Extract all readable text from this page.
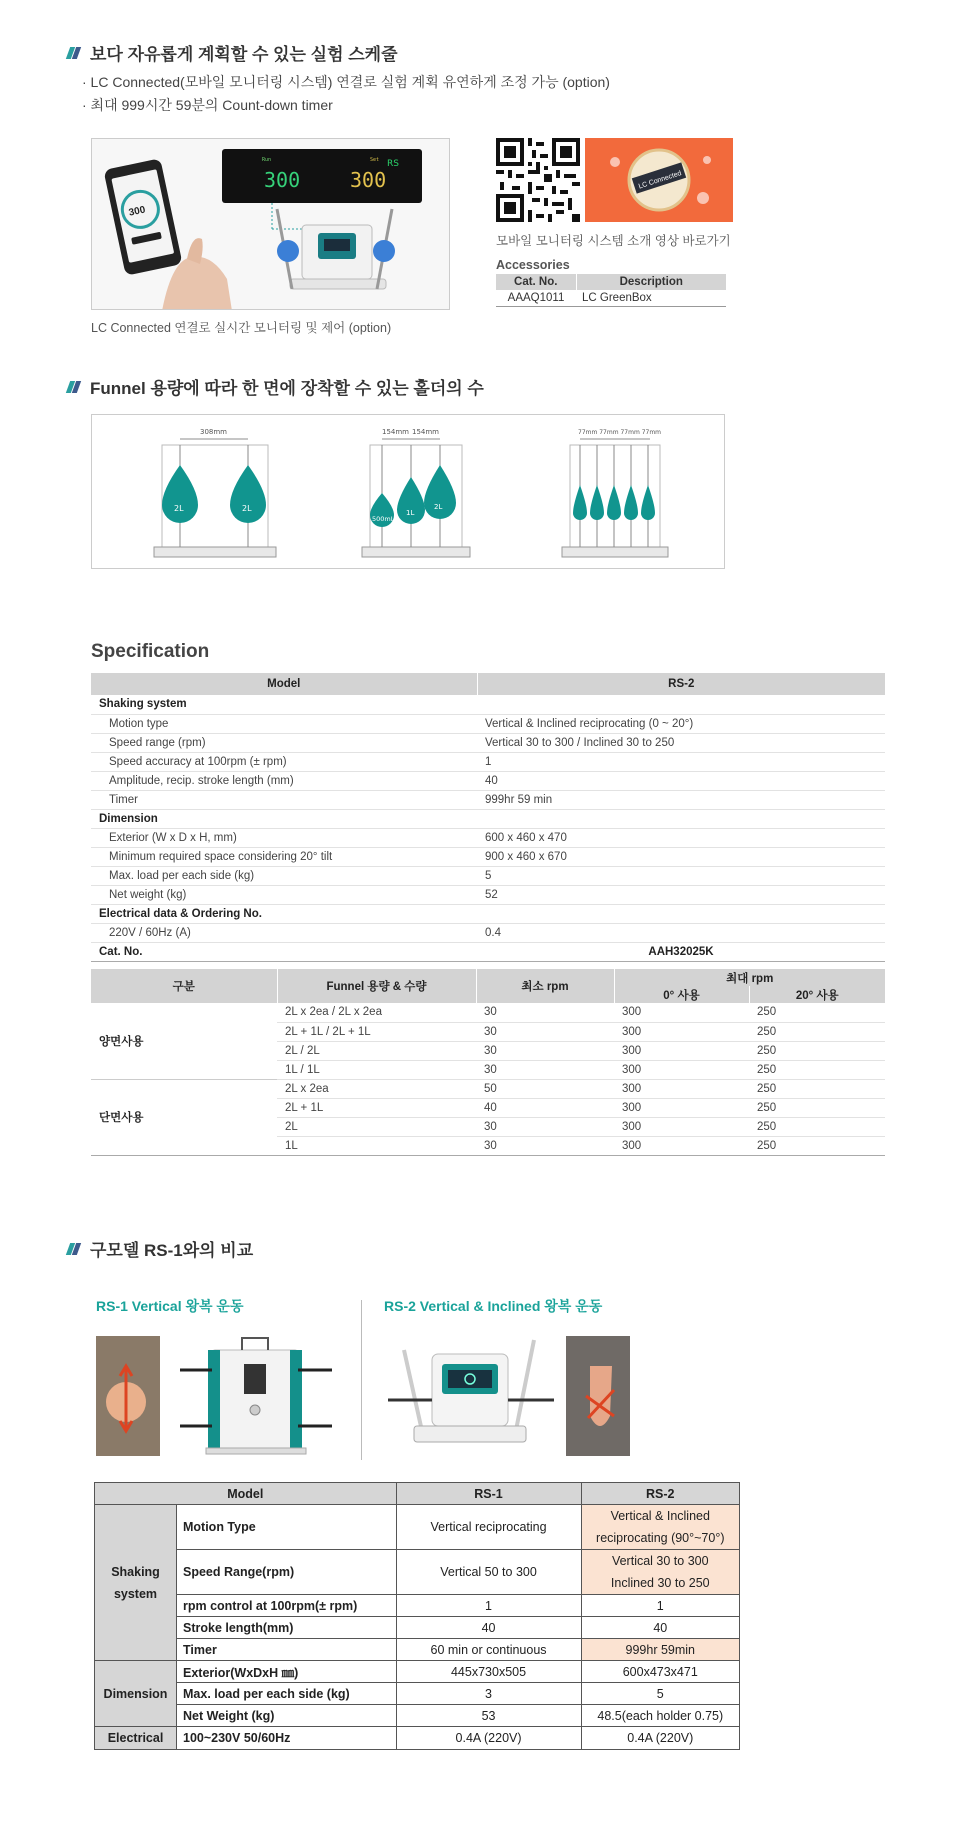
보다 자유롭게 계획할 수 있는 실험 스케줄
· LC Connected(모바일 모니터링 시스템) 연결로 실험 계획 유연하게 조정 가능 (option)
· 최대 999시간 59분의 Count-down timer
Run	Set RS
300 300
300
LC Connected 연결로 실시간 모니터링 및 제어 (option)
LC Connected
모바일 모니터링 시스템 소개 영상 바로가기
Accessories
Cat. No.	Description
AAAQ1011	LC GreenBox
Funnel 용량에 따라 한 면에 장착할 수 있는 홀더의 수
308mm
2L	2L
154mm 154mm
500mL
1L
2L
77mm 77mm 77mm 77mm
Specification
Model	RS-2
Shaking system	
Motion type	Vertical & Inclined reciprocating (0 ~ 20°)
Speed range (rpm)	Vertical 30 to 300 / Inclined 30 to 250
Speed accuracy at 100rpm (± rpm)	1
Amplitude, recip. stroke length (mm)	40
Timer	999hr 59 min
Dimension	
Exterior (W x D x H, mm)	600 x 460 x 470
Minimum required space considering 20° tilt	900 x 460 x 670
Max. load per each side (kg)	5
Net weight (kg)	52
Electrical data & Ordering No.	
220V / 60Hz (A)	0.4
Cat. No.	AAH32025K
구분	Funnel 용량 & 수량	최소 rpm	최대 rpm	
			0° 사용	20° 사용
양면사용	2L x 2ea / 2L x 2ea	30	300	250
	2L + 1L / 2L + 1L	30	300	250
	2L / 2L	30	300	250
	1L / 1L	30	300	250
단면사용	2L x 2ea	50	300	250
	2L + 1L	40	300	250
	2L	30	300	250
	1L	30	300	250
구모델 RS-1와의 비교
RS-1 Vertical 왕복 운동	RS-2 Vertical & Inclined 왕복 운동
Model		RS-1	RS-2
Shaking system	Motion Type	Vertical reciprocating	Vertical & Inclined
reciprocating (90°~70°)

	Speed Range(rpm)	Vertical 50 to 300	Vertical 30 to 300
Inclined 30 to 250

	rpm control at 100rpm(± rpm)	1	1
	Stroke length(mm)	40	40
	Timer	60 min or continuous	999hr 59min
Dimension	Exterior(WxDxH ㎜)	445x730x505	600x473x471
	Max. load per each side (kg)	3	5
	Net Weight (kg)	53	48.5(each holder 0.75)
Electrical	100~230V 50/60Hz	0.4A (220V)	0.4A (220V)
